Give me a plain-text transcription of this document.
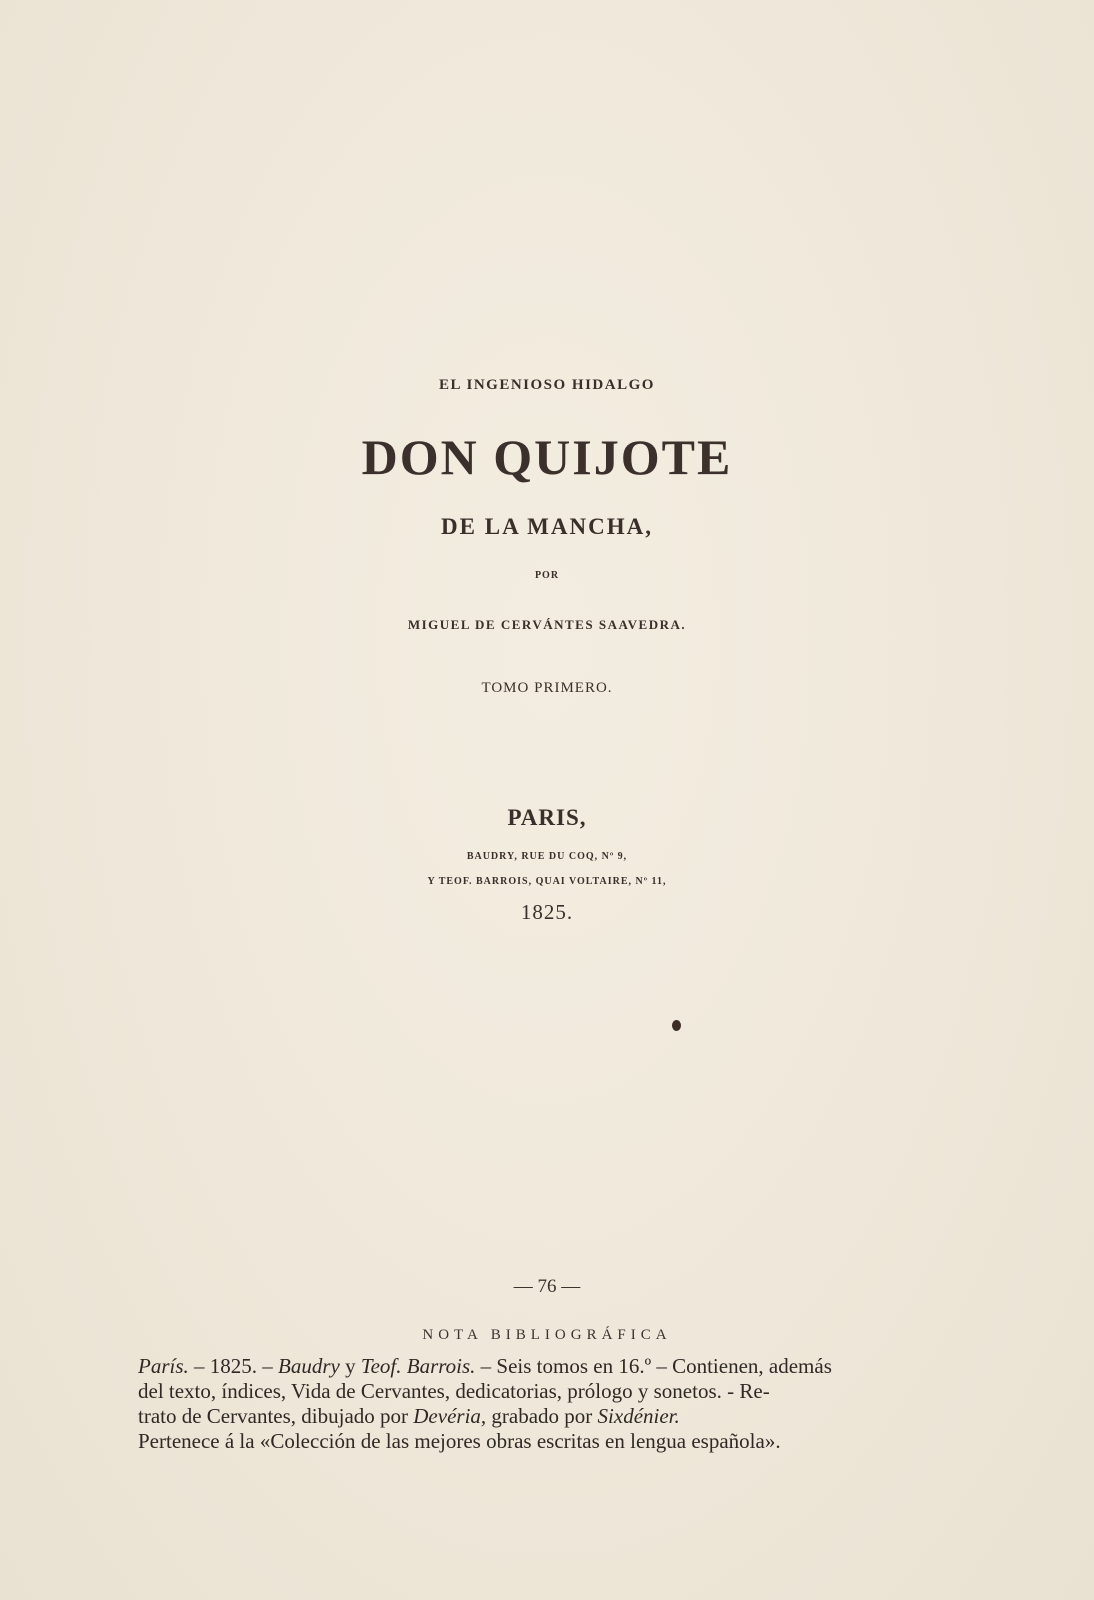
EL INGENIOSO HIDALGO
DON QUIJOTE
DE LA MANCHA,
POR
MIGUEL DE CERVÁNTES SAAVEDRA.
TOMO PRIMERO.
PARIS,
BAUDRY, RUE DU COQ, Nº 9,
Y TEOF. BARROIS, QUAI VOLTAIRE, Nº 11,
1825.
— 76 —
NOTA BIBLIOGRÁFICA

París. – 1825. – Baudry y Teof. Barrois. – Seis tomos en 16.º – Contienen, además
del texto, índices, Vida de Cervantes, dedicatorias, prólogo y sonetos. - Re-
trato de Cervantes, dibujado por Devéria, grabado por Sixdénier.
Pertenece á la «Colección de las mejores obras escritas en lengua española».
